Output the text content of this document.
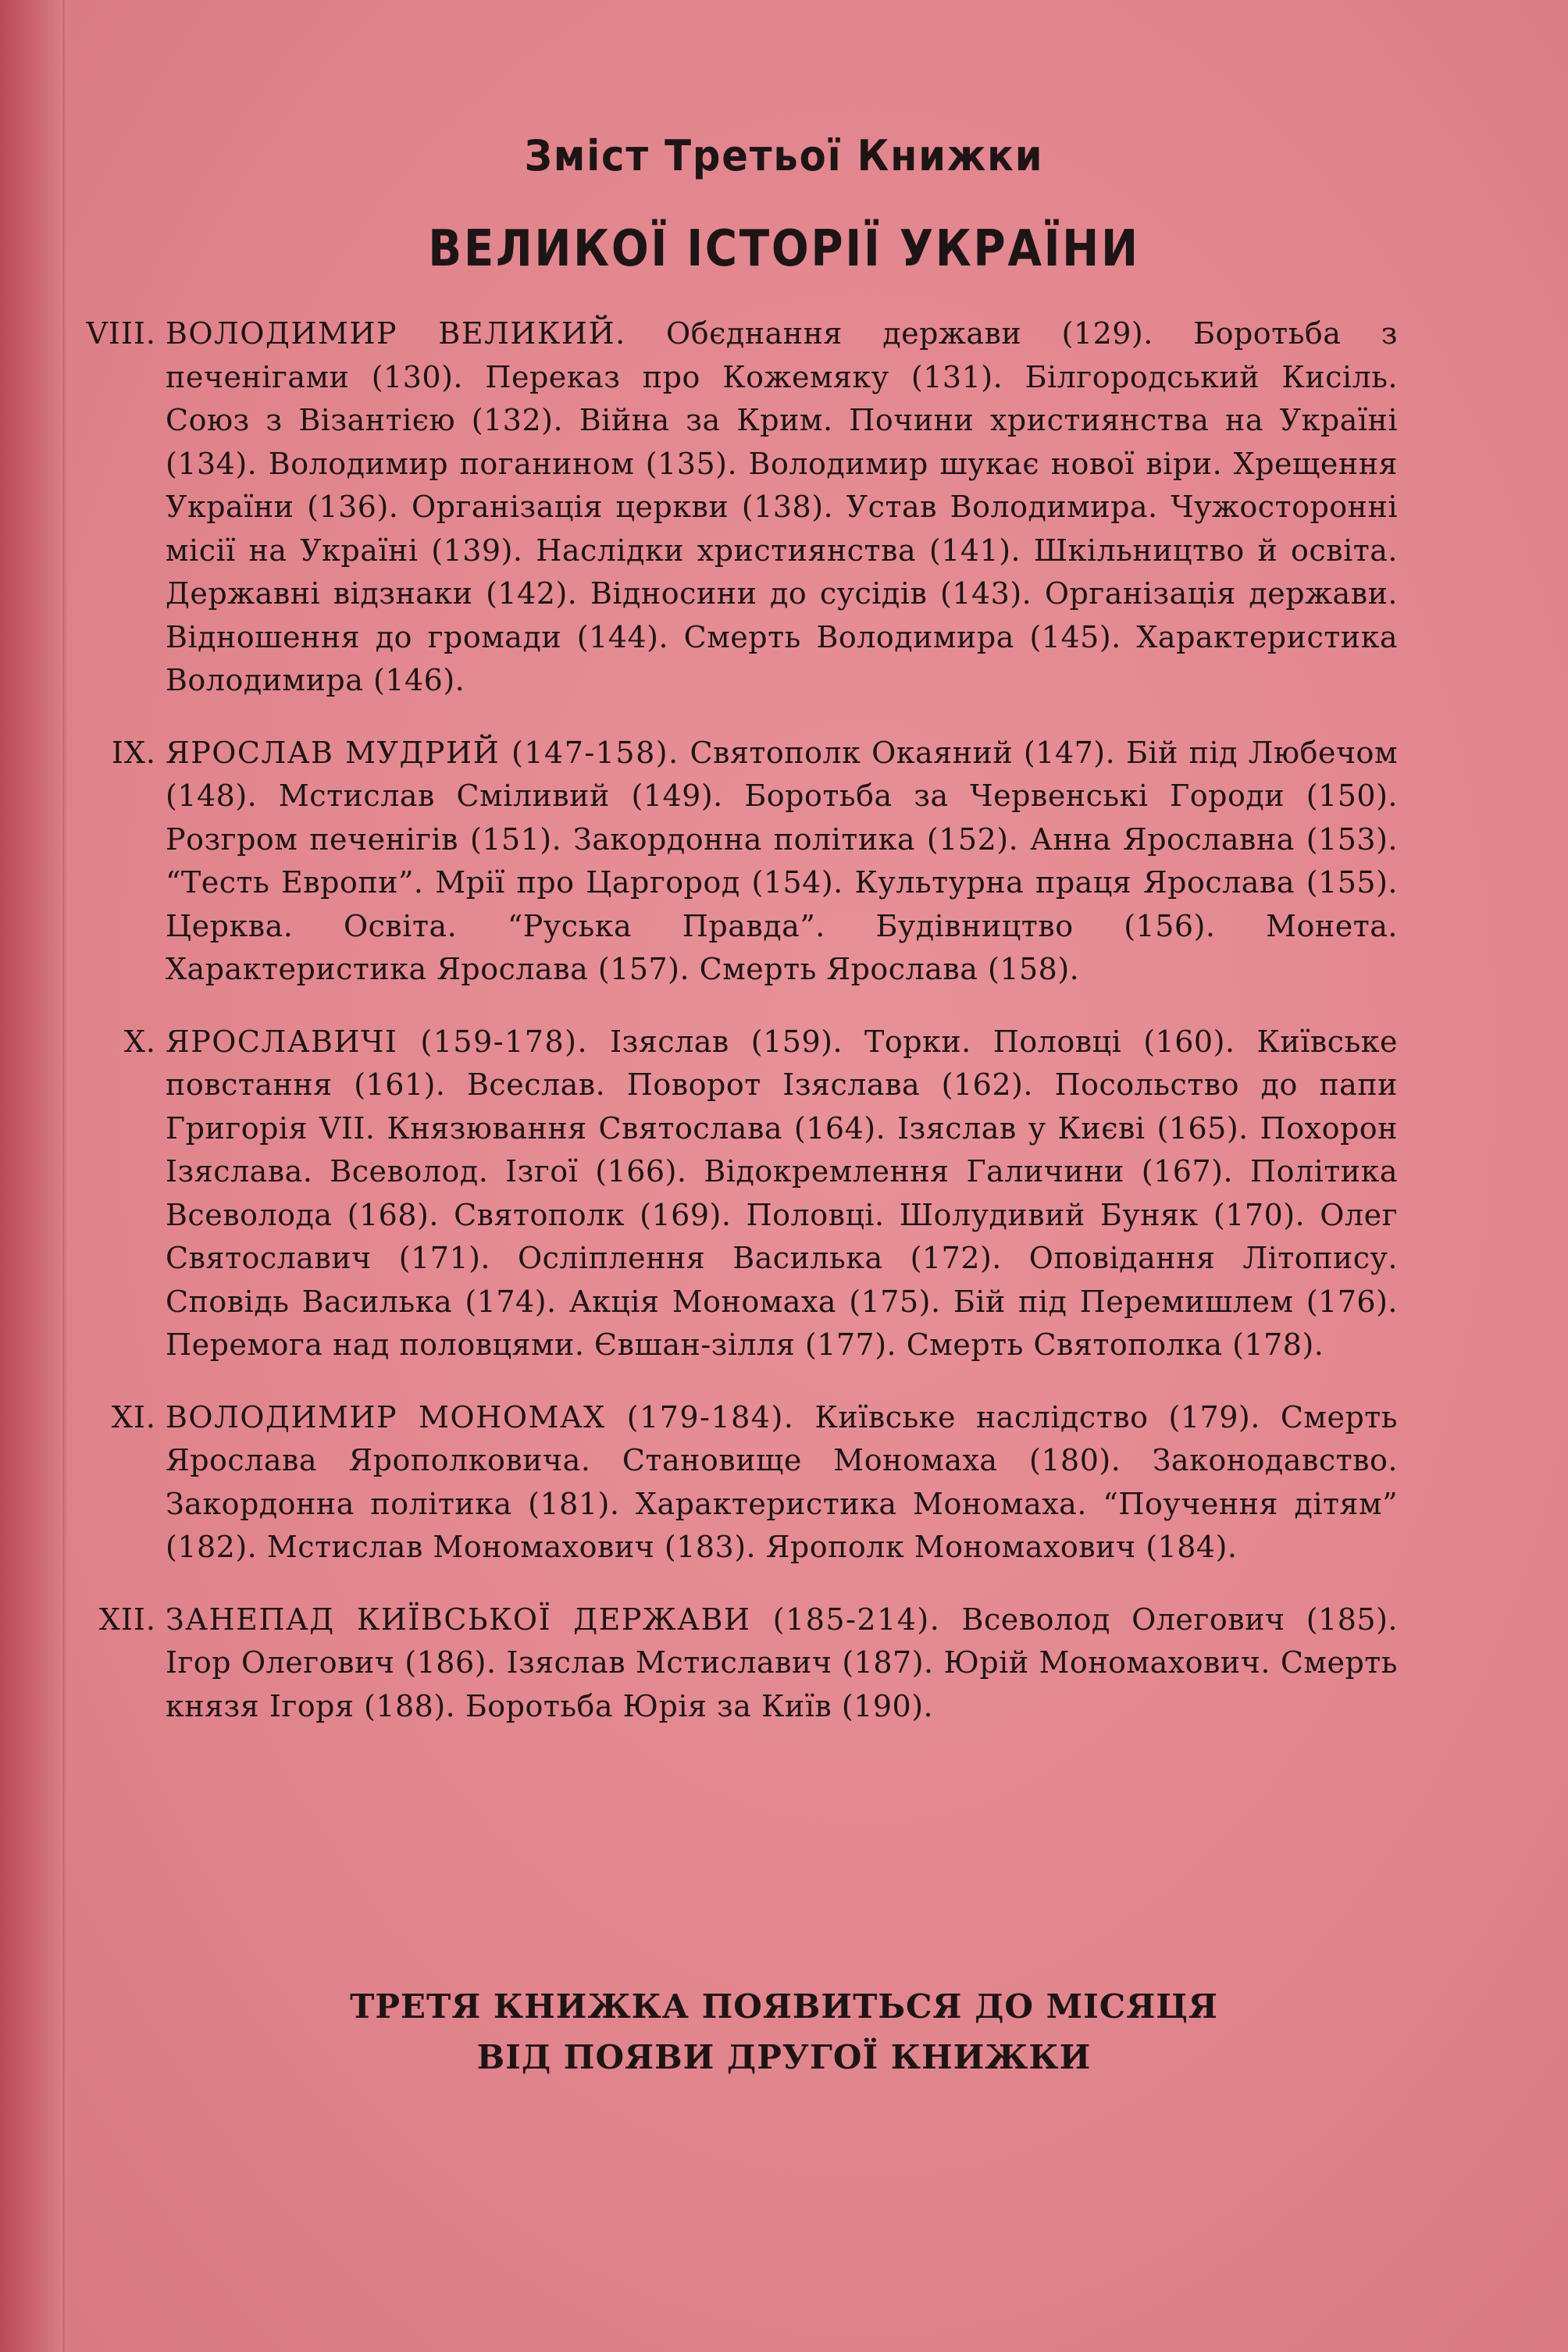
Зміст Третьої Книжки
ВЕЛИКОЇ ІСТОРІЇ УКРАЇНИ
VIII. ВОЛОДИМИР ВЕЛИКИЙ. Обєднання держави (129). Боротьба з печенігами (130). Переказ про Кожемяку (131). Білгородський Кисіль. Союз з Візантією (132). Війна за Крим. Почини християнства на Україні (134). Володимир поганином (135). Володимир шукає нової віри. Хрещення України (136). Організація церкви (138). Устав Володимира. Чужосторонні місії на Україні (139). Наслідки християнства (141). Шкільництво й освіта. Державні відзнаки (142). Відносини до сусідів (143). Організація держави. Відношення до громади (144). Смерть Володимира (145). Характеристика Володимира (146).
IX. ЯРОСЛАВ МУДРИЙ (147-158). Святополк Окаяний (147). Бій під Любечом (148). Мстислав Сміливий (149). Боротьба за Червенські Городи (150). Розгром печенігів (151). Закордонна політика (152). Анна Ярославна (153). “Тесть Европи”. Мрії про Царгород (154). Культурна праця Ярослава (155). Церква. Освіта. “Руська Правда”. Будівництво (156). Монета. Характеристика Ярослава (157). Смерть Ярослава (158).
X. ЯРОСЛАВИЧІ (159-178). Ізяслав (159). Торки. Половці (160). Київське повстання (161). Всеслав. Поворот Ізяслава (162). Посольство до папи Григорія VII. Князювання Святослава (164). Ізяслав у Києві (165). Похорон Ізяслава. Всеволод. Ізгої (166). Відокремлення Галичини (167). Політика Всеволода (168). Святополк (169). Половці. Шолудивий Буняк (170). Олег Святославич (171). Осліплення Василька (172). Оповідання Літопису. Сповідь Василька (174). Акція Мономаха (175). Бій під Перемишлем (176). Перемога над половцями. Євшан-зілля (177). Смерть Святополка (178).
XI. ВОЛОДИМИР МОНОМАХ (179-184). Київське наслідство (179). Смерть Ярослава Ярополковича. Становище Мономаха (180). Законодавство. Закордонна політика (181). Характеристика Мономаха. “Поучення дітям” (182). Мстислав Мономахович (183). Ярополк Мономахович (184).
XII. ЗАНЕПАД КИЇВСЬКОЇ ДЕРЖАВИ (185-214). Всеволод Олегович (185). Ігор Олегович (186). Ізяслав Мстиславич (187). Юрій Мономахович. Смерть князя Ігоря (188). Боротьба Юрія за Київ (190).
ТРЕТЯ КНИЖКА ПОЯВИТЬСЯ ДО МІСЯЦЯ
ВІД ПОЯВИ ДРУГОЇ КНИЖКИ
